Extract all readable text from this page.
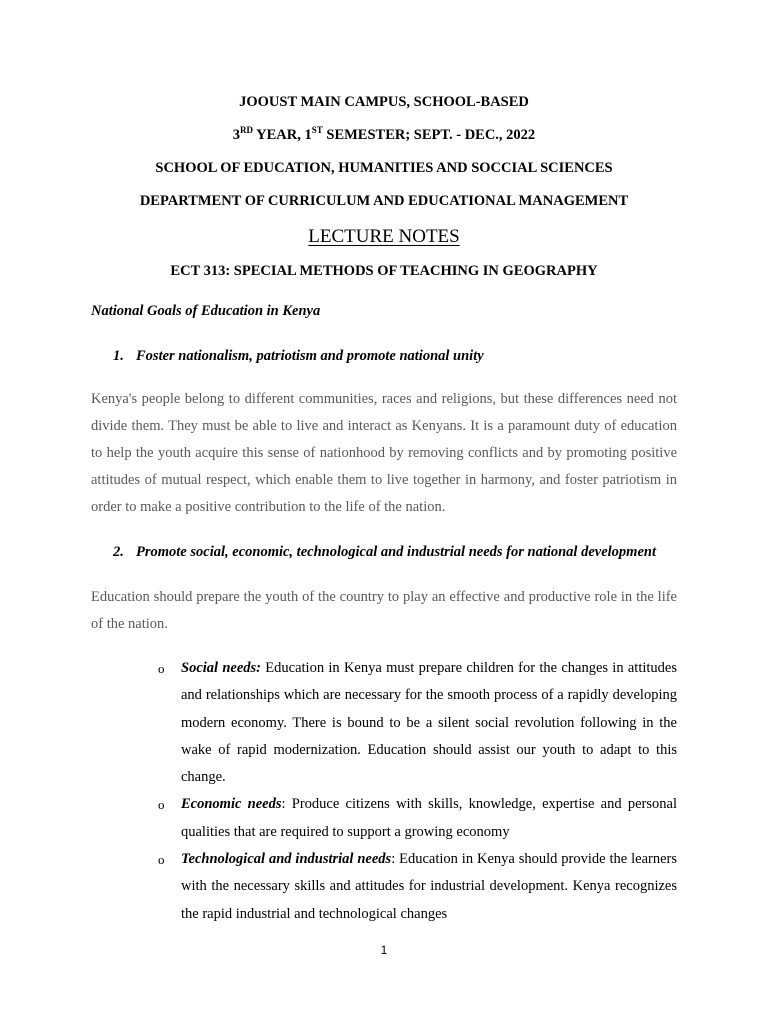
JOOUST MAIN CAMPUS, SCHOOL-BASED
3RD YEAR, 1ST SEMESTER; SEPT. - DEC., 2022
SCHOOL OF EDUCATION, HUMANITIES AND SOCCIAL SCIENCES
DEPARTMENT OF CURRICULUM AND EDUCATIONAL MANAGEMENT
LECTURE NOTES
ECT 313: SPECIAL METHODS OF TEACHING IN GEOGRAPHY
National Goals of Education in Kenya
1. Foster nationalism, patriotism and promote national unity
Kenya's people belong to different communities, races and religions, but these differences need not divide them. They must be able to live and interact as Kenyans. It is a paramount duty of education to help the youth acquire this sense of nationhood by removing conflicts and by promoting positive attitudes of mutual respect, which enable them to live together in harmony, and foster patriotism in order to make a positive contribution to the life of the nation.
2. Promote social, economic, technological and industrial needs for national development
Education should prepare the youth of the country to play an effective and productive role in the life of the nation.
o Social needs: Education in Kenya must prepare children for the changes in attitudes and relationships which are necessary for the smooth process of a rapidly developing modern economy. There is bound to be a silent social revolution following in the wake of rapid modernization. Education should assist our youth to adapt to this change.
o Economic needs: Produce citizens with skills, knowledge, expertise and personal qualities that are required to support a growing economy
o Technological and industrial needs: Education in Kenya should provide the learners with the necessary skills and attitudes for industrial development. Kenya recognizes the rapid industrial and technological changes
1
